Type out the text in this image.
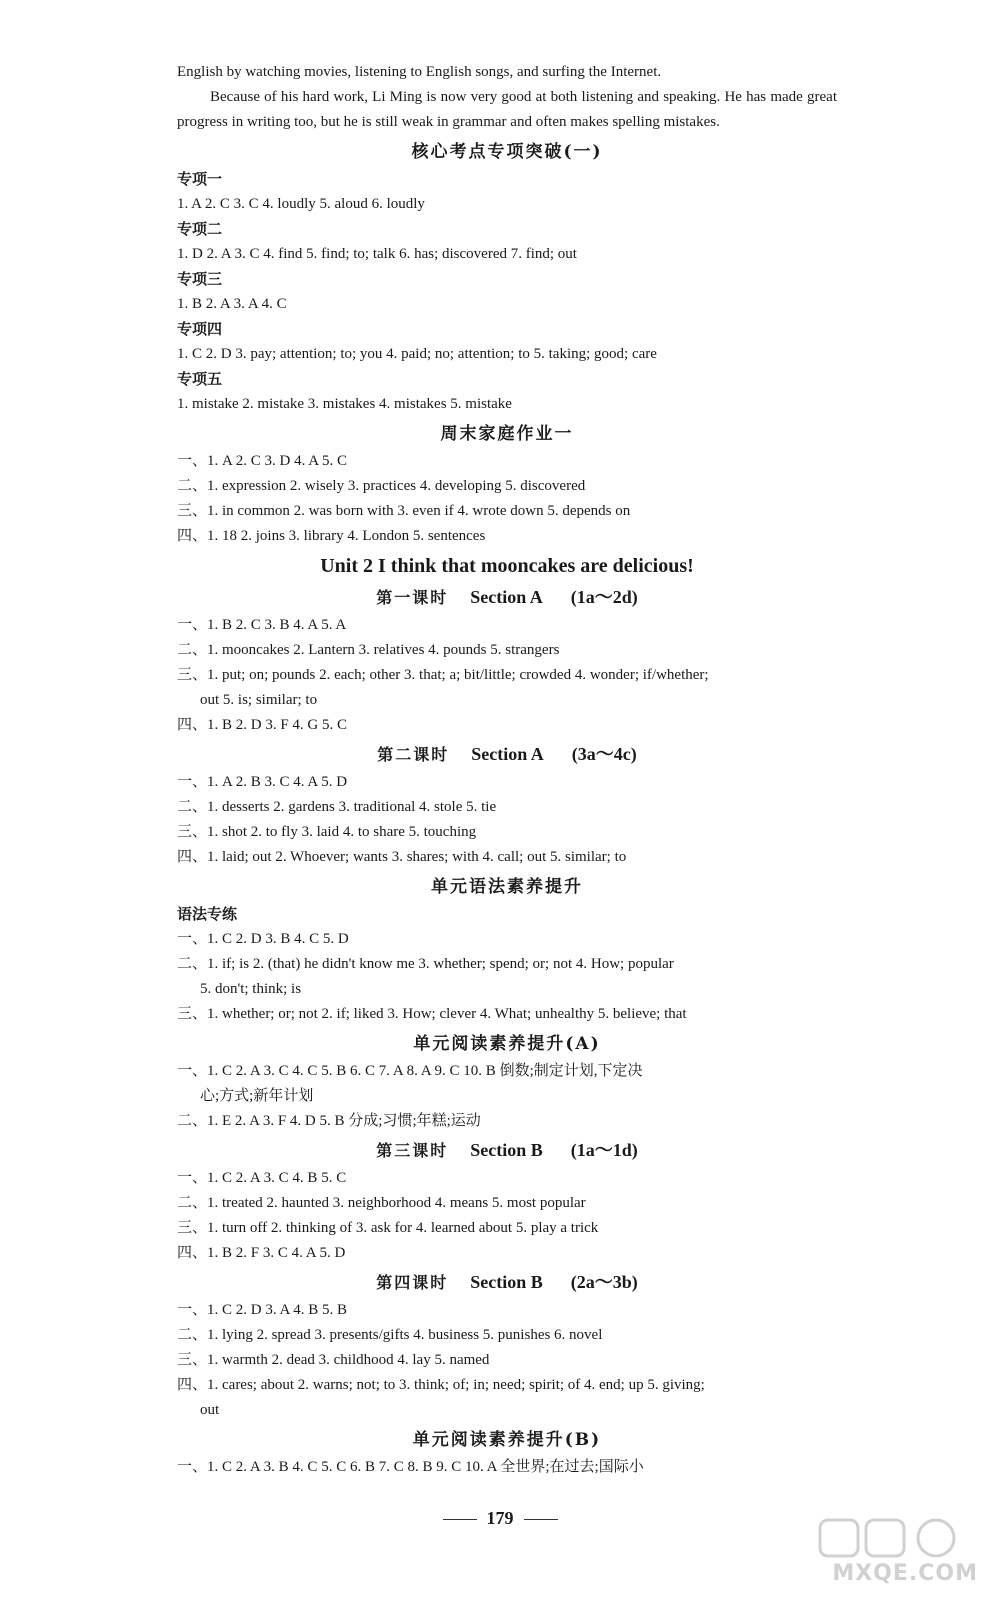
English by watching movies, listening to English songs, and surfing the Internet.

Because of his hard work, Li Ming is now very good at both listening and speaking. He has made great progress in writing too, but he is still weak in grammar and often makes spelling mistakes.

核心考点专项突破(一)
专项一
1. A 2. C 3. C 4. loudly 5. aloud 6. loudly
专项二
1. D 2. A 3. C 4. find 5. find; to; talk 6. has; discovered 7. find; out
专项三
1. B 2. A 3. A 4. C
专项四
1. C 2. D 3. pay; attention; to; you 4. paid; no; attention; to 5. taking; good; care
专项五
1. mistake 2. mistake 3. mistakes 4. mistakes 5. mistake
周末家庭作业一
一、1. A 2. C 3. D 4. A 5. C
二、1. expression 2. wisely 3. practices 4. developing 5. discovered
三、1. in common 2. was born with 3. even if 4. wrote down 5. depends on
四、1. 18 2. joins 3. library 4. London 5. sentences
Unit 2 I think that mooncakes are delicious!
第一课时 Section A (1a～2d)
一、1. B 2. C 3. B 4. A 5. A
二、1. mooncakes 2. Lantern 3. relatives 4. pounds 5. strangers
三、1. put; on; pounds 2. each; other 3. that; a; bit/little; crowded 4. wonder; if/whether;
out 5. is; similar; to
四、1. B 2. D 3. F 4. G 5. C
第二课时 Section A (3a～4c)
一、1. A 2. B 3. C 4. A 5. D
二、1. desserts 2. gardens 3. traditional 4. stole 5. tie
三、1. shot 2. to fly 3. laid 4. to share 5. touching
四、1. laid; out 2. Whoever; wants 3. shares; with 4. call; out 5. similar; to
单元语法素养提升
语法专练
一、1. C 2. D 3. B 4. C 5. D
二、1. if; is 2. (that) he didn't know me 3. whether; spend; or; not 4. How; popular
5. don't; think; is
三、1. whether; or; not 2. if; liked 3. How; clever 4. What; unhealthy 5. believe; that
单元阅读素养提升(A)
一、1. C 2. A 3. C 4. C 5. B 6. C 7. A 8. A 9. C 10. B 倒数;制定计划,下定决
心;方式;新年计划
二、1. E 2. A 3. F 4. D 5. B 分成;习惯;年糕;运动
第三课时 Section B (1a～1d)
一、1. C 2. A 3. C 4. B 5. C
二、1. treated 2. haunted 3. neighborhood 4. means 5. most popular
三、1. turn off 2. thinking of 3. ask for 4. learned about 5. play a trick
四、1. B 2. F 3. C 4. A 5. D
第四课时 Section B (2a～3b)
一、1. C 2. D 3. A 4. B 5. B
二、1. lying 2. spread 3. presents/gifts 4. business 5. punishes 6. novel
三、1. warmth 2. dead 3. childhood 4. lay 5. named
四、1. cares; about 2. warns; not; to 3. think; of; in; need; spirit; of 4. end; up 5. giving;
out
单元阅读素养提升(B)
一、1. C 2. A 3. B 4. C 5. C 6. B 7. C 8. B 9. C 10. A 全世界;在过去;国际小
179
MXQE.COM
